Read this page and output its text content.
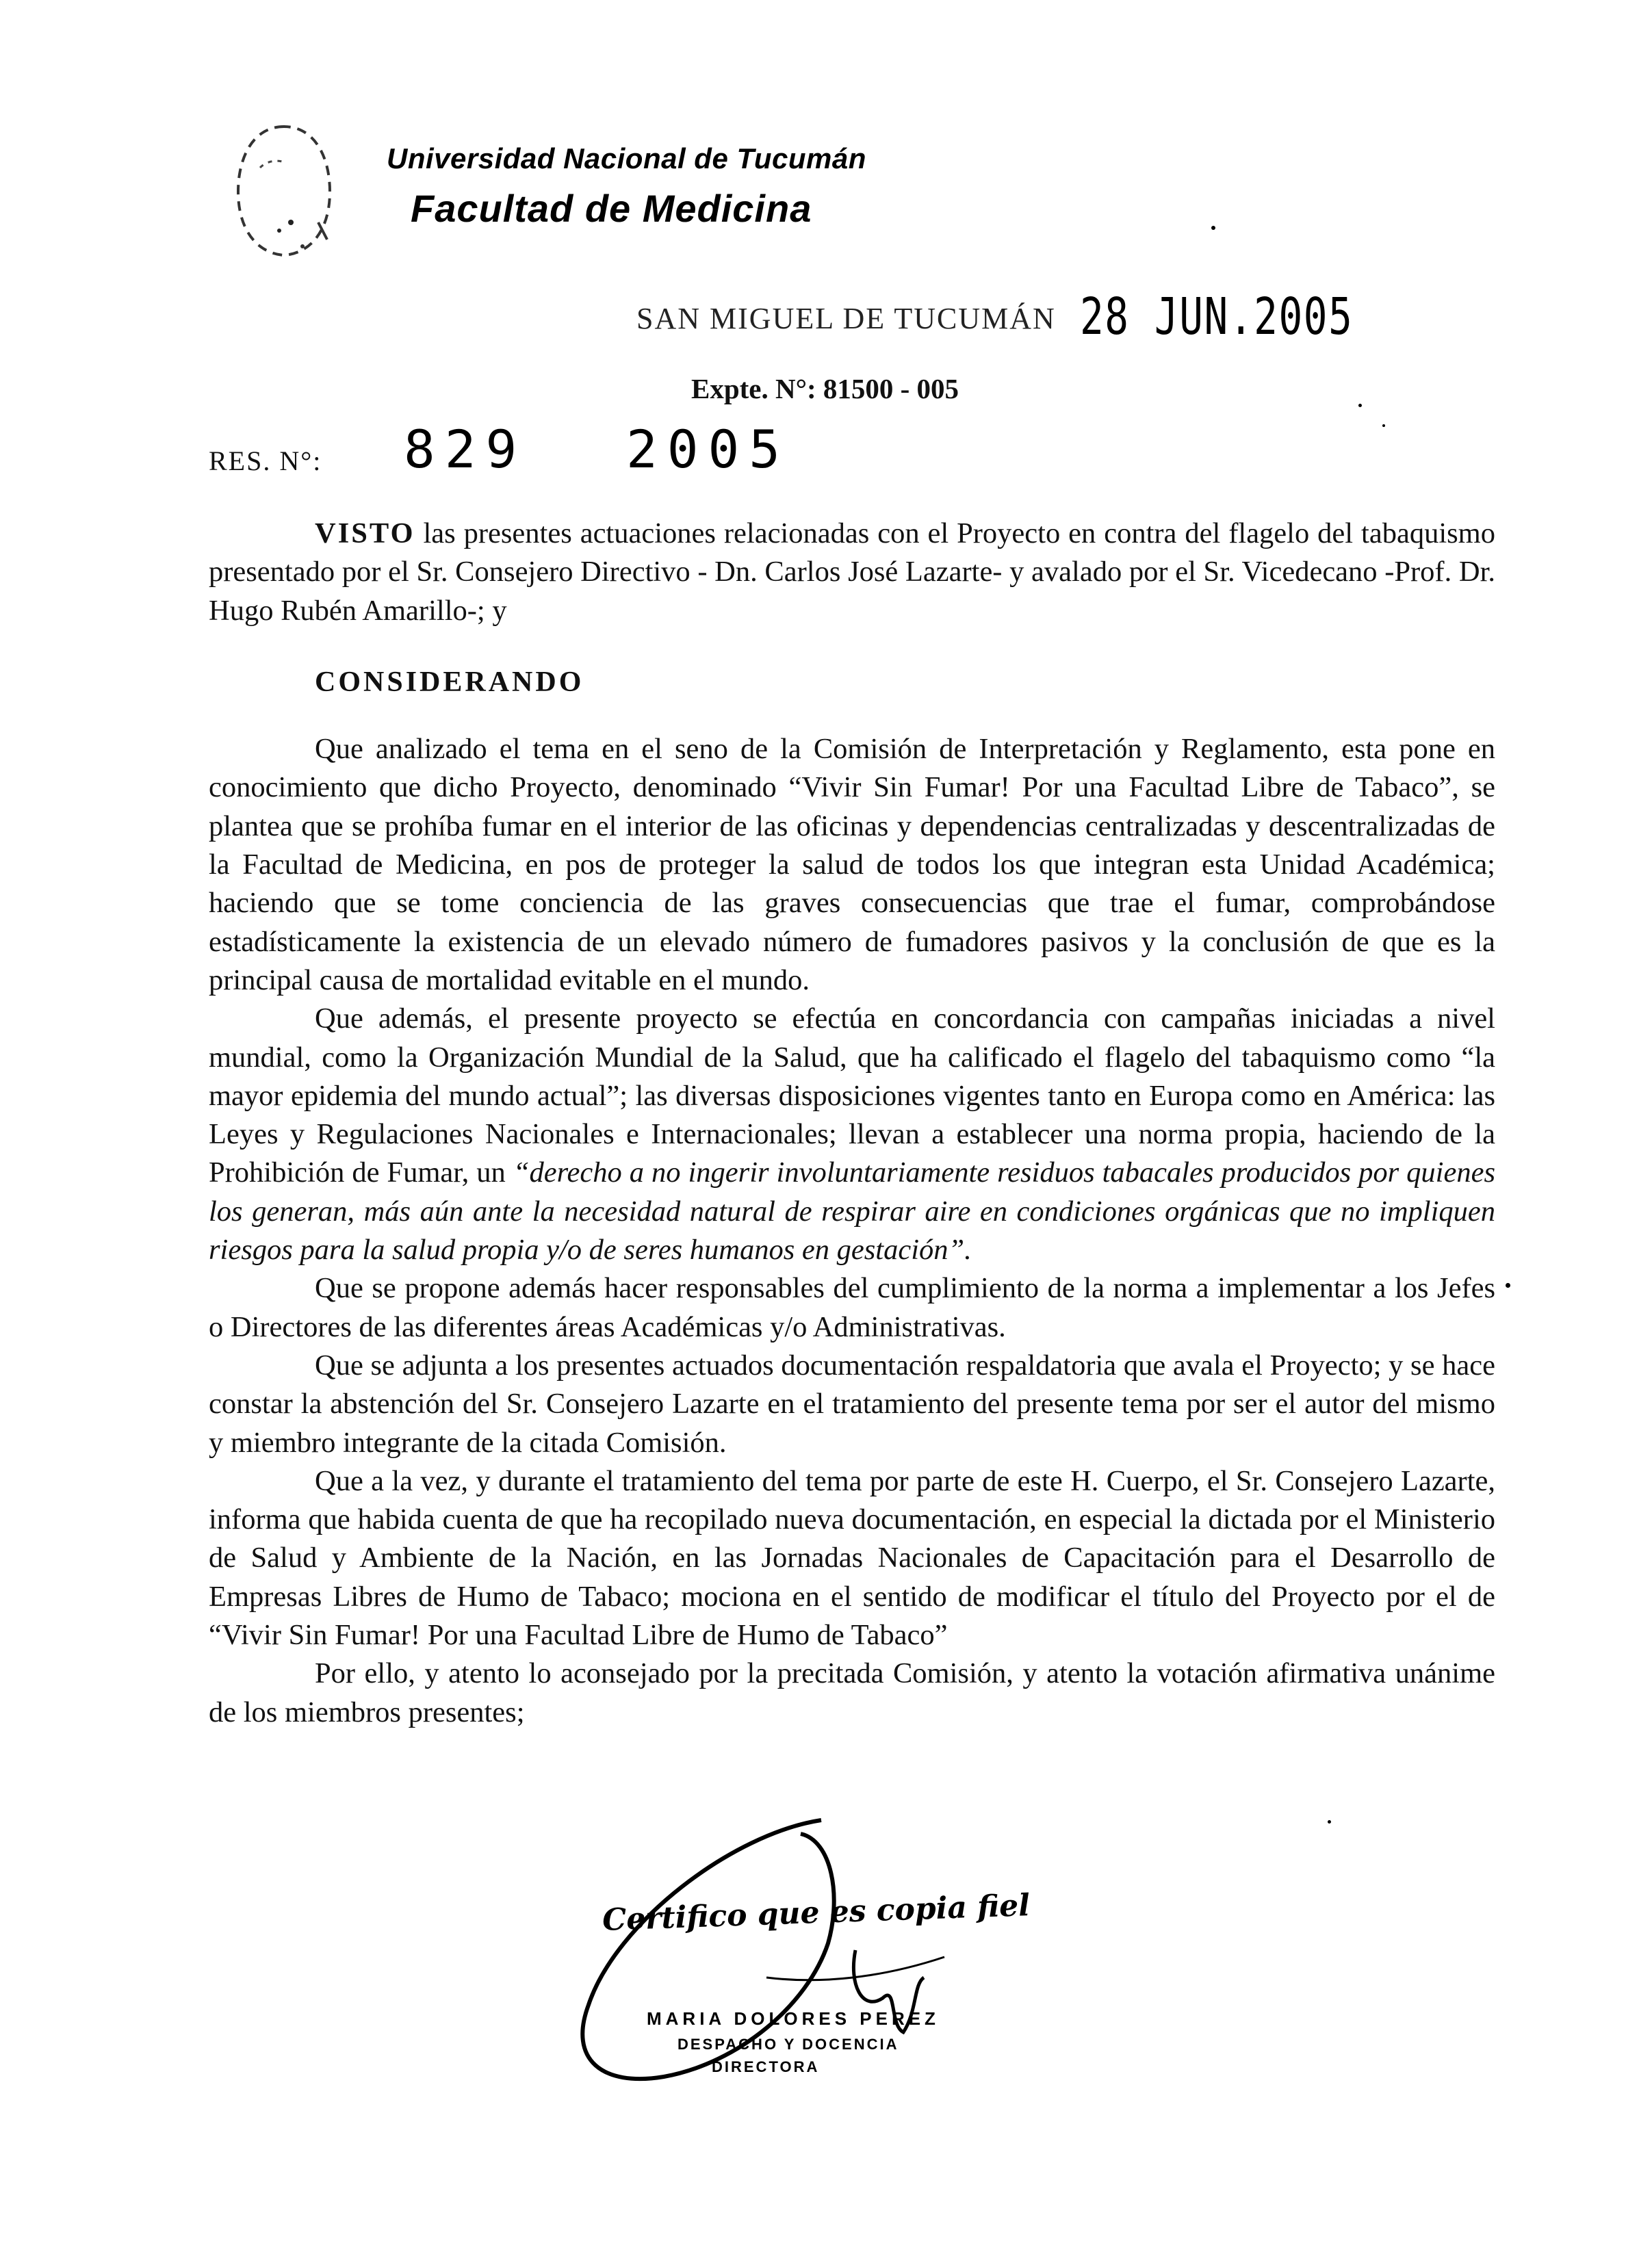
Universidad Nacional de Tucumán
Facultad de Medicina
SAN MIGUEL DE TUCUMÁN 28 JUN.2005
Expte. N°: 81500 - 005
RES. N°: 829 2005

VISTO las presentes actuaciones relacionadas con el Proyecto en contra del flagelo del tabaquismo presentado por el Sr. Consejero Directivo - Dn. Carlos José Lazarte- y avalado por el Sr. Vicedecano -Prof. Dr. Hugo Rubén Amarillo-; y

CONSIDERANDO

Que analizado el tema en el seno de la Comisión de Interpretación y Reglamento, esta pone en conocimiento que dicho Proyecto, denominado “Vivir Sin Fumar! Por una Facultad Libre de Tabaco”, se plantea que se prohíba fumar en el interior de las oficinas y dependencias centralizadas y descentralizadas de la Facultad de Medicina, en pos de proteger la salud de todos los que integran esta Unidad Académica; haciendo que se tome conciencia de las graves consecuencias que trae el fumar, comprobándose estadísticamente la existencia de un elevado número de fumadores pasivos y la conclusión de que es la principal causa de mortalidad evitable en el mundo.

Que además, el presente proyecto se efectúa en concordancia con campañas iniciadas a nivel mundial, como la Organización Mundial de la Salud, que ha calificado el flagelo del tabaquismo como “la mayor epidemia del mundo actual”; las diversas disposiciones vigentes tanto en Europa como en América: las Leyes y Regulaciones Nacionales e Internacionales; llevan a establecer una norma propia, haciendo de la Prohibición de Fumar, un “derecho a no ingerir involuntariamente residuos tabacales producidos por quienes los generan, más aún ante la necesidad natural de respirar aire en condiciones orgánicas que no impliquen riesgos para la salud propia y/o de seres humanos en gestación”.

Que se propone además hacer responsables del cumplimiento de la norma a implementar a los Jefes o Directores de las diferentes áreas Académicas y/o Administrativas.

Que se adjunta a los presentes actuados documentación respaldatoria que avala el Proyecto; y se hace constar la abstención del Sr. Consejero Lazarte en el tratamiento del presente tema por ser el autor del mismo y miembro integrante de la citada Comisión.

Que a la vez, y durante el tratamiento del tema por parte de este H. Cuerpo, el Sr. Consejero Lazarte, informa que habida cuenta de que ha recopilado nueva documentación, en especial la dictada por el Ministerio de Salud y Ambiente de la Nación, en las Jornadas Nacionales de Capacitación para el Desarrollo de Empresas Libres de Humo de Tabaco; mociona en el sentido de modificar el título del Proyecto por el de “Vivir Sin Fumar! Por una Facultad Libre de Humo de Tabaco”

Por ello, y atento lo aconsejado por la precitada Comisión, y atento la votación afirmativa unánime de los miembros presentes;

Certifico que es copia fiel
MARIA DOLORES PEREZ
DESPACHO Y DOCENCIA
DIRECTORA
